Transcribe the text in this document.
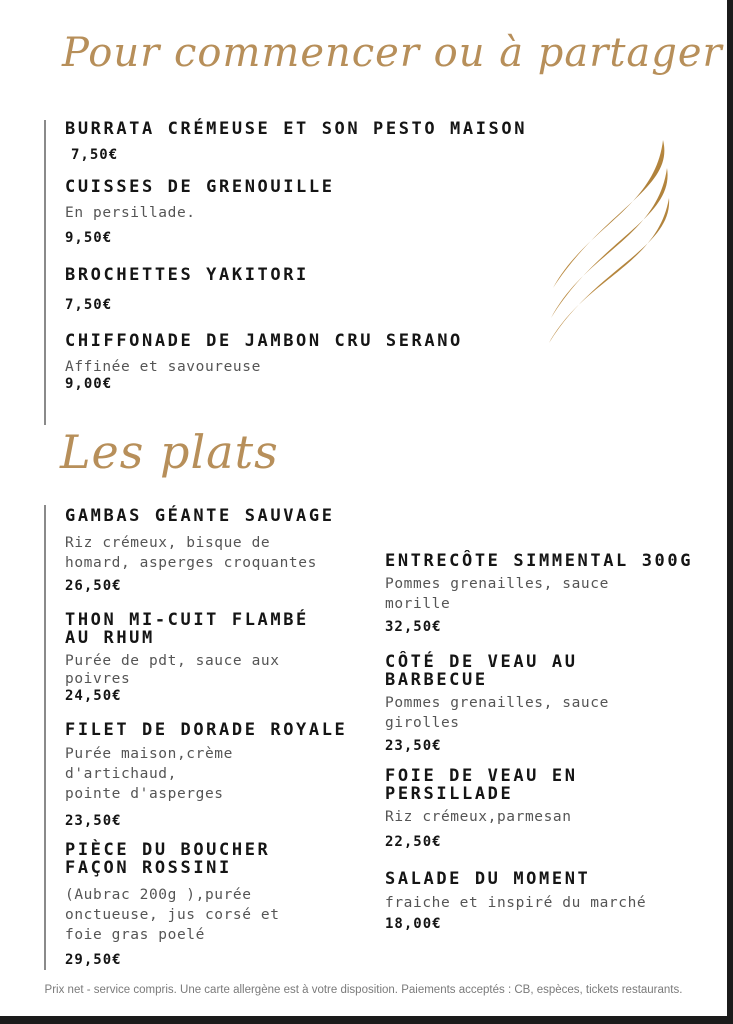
Pour commencer ou à partager
BURRATA CRÉMEUSE ET SON PESTO MAISON
7,50€
CUISSES DE GRENOUILLE
En persillade.
9,50€
BROCHETTES YAKITORI
7,50€
CHIFFONADE DE JAMBON CRU SERANO
Affinée et savoureuse
9,00€
Les plats
GAMBAS GÉANTE SAUVAGE
Riz crémeux, bisque de
homard, asperges croquantes
26,50€
THON MI-CUIT FLAMBÉ
AU RHUM
Purée de pdt, sauce aux
poivres
24,50€
FILET DE DORADE ROYALE
Purée maison,crème
d'artichaud,
pointe d'asperges
23,50€
PIÈCE DU BOUCHER
FAÇON ROSSINI
(Aubrac 200g ),purée
onctueuse, jus corsé et
foie gras poelé
29,50€
ENTRECÔTE SIMMENTAL 300G
Pommes grenailles, sauce
morille
32,50€
CÔTÉ DE VEAU AU
BARBECUE
Pommes grenailles, sauce
girolles
23,50€
FOIE DE VEAU EN
PERSILLADE
Riz crémeux,parmesan
22,50€
SALADE DU MOMENT
fraiche et inspiré du marché
18,00€
Prix net - service compris. Une carte allergène est à votre disposition. Paiements acceptés : CB, espèces, tickets restaurants.
